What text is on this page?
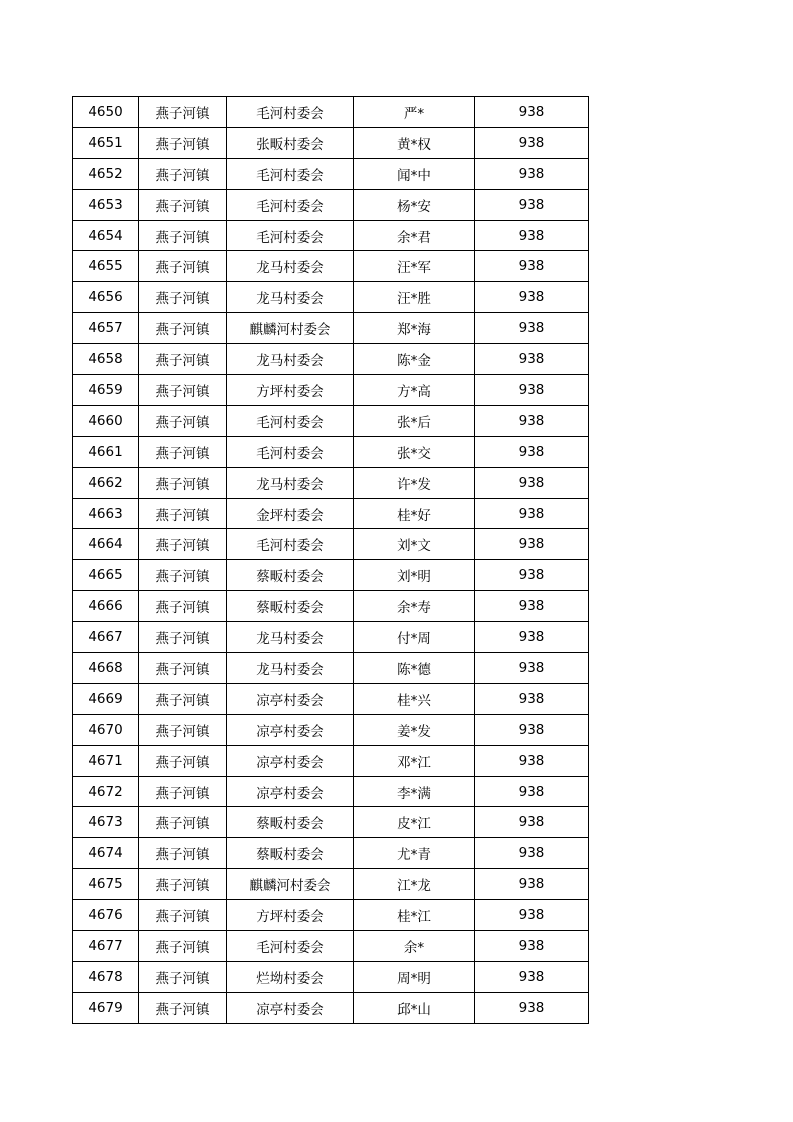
4650	燕子河镇	毛河村委会	严*	938
4651	燕子河镇	张畈村委会	黄*权	938
4652	燕子河镇	毛河村委会	闻*中	938
4653	燕子河镇	毛河村委会	杨*安	938
4654	燕子河镇	毛河村委会	余*君	938
4655	燕子河镇	龙马村委会	汪*军	938
4656	燕子河镇	龙马村委会	汪*胜	938
4657	燕子河镇	麒麟河村委会	郑*海	938
4658	燕子河镇	龙马村委会	陈*金	938
4659	燕子河镇	方坪村委会	方*高	938
4660	燕子河镇	毛河村委会	张*后	938
4661	燕子河镇	毛河村委会	张*交	938
4662	燕子河镇	龙马村委会	许*发	938
4663	燕子河镇	金坪村委会	桂*好	938
4664	燕子河镇	毛河村委会	刘*文	938
4665	燕子河镇	蔡畈村委会	刘*明	938
4666	燕子河镇	蔡畈村委会	余*寿	938
4667	燕子河镇	龙马村委会	付*周	938
4668	燕子河镇	龙马村委会	陈*德	938
4669	燕子河镇	凉亭村委会	桂*兴	938
4670	燕子河镇	凉亭村委会	姜*发	938
4671	燕子河镇	凉亭村委会	邓*江	938
4672	燕子河镇	凉亭村委会	李*满	938
4673	燕子河镇	蔡畈村委会	皮*江	938
4674	燕子河镇	蔡畈村委会	尤*青	938
4675	燕子河镇	麒麟河村委会	江*龙	938
4676	燕子河镇	方坪村委会	桂*江	938
4677	燕子河镇	毛河村委会	余*	938
4678	燕子河镇	烂坳村委会	周*明	938
4679	燕子河镇	凉亭村委会	邱*山	938
